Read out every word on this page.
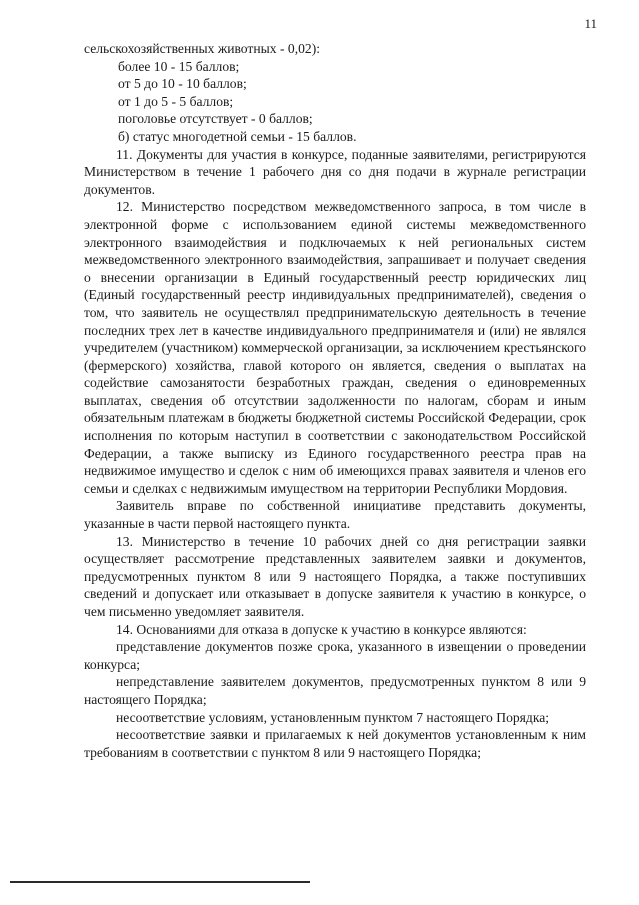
11

сельскохозяйственных животных - 0,02):

более 10 - 15 баллов;

от 5 до 10 - 10 баллов;

от 1 до 5 - 5 баллов;

поголовье отсутствует - 0 баллов;

б) статус многодетной семьи - 15 баллов.

11. Документы для участия в конкурсе, поданные заявителями, регистрируются Министерством в течение 1 рабочего дня со дня подачи в журнале регистрации документов.

12. Министерство посредством межведомственного запроса, в том числе в электронной форме с использованием единой системы межведомственного электронного взаимодействия и подключаемых к ней региональных систем межведомственного электронного взаимодействия, запрашивает и получает сведения о внесении организации в Единый государственный реестр юридических лиц (Единый государственный реестр индивидуальных предпринимателей), сведения о том, что заявитель не осуществлял предпринимательскую деятельность в течение последних трех лет в качестве индивидуального предпринимателя и (или) не являлся учредителем (участником) коммерческой организации, за исключением крестьянского (фермерского) хозяйства, главой которого он является, сведения о выплатах на содействие самозанятости безработных граждан, сведения о единовременных выплатах, сведения об отсутствии задолженности по налогам, сборам и иным обязательным платежам в бюджеты бюджетной системы Российской Федерации, срок исполнения по которым наступил в соответствии с законодательством Российской Федерации, а также выписку из Единого государственного реестра прав на недвижимое имущество и сделок с ним об имеющихся правах заявителя и членов его семьи и сделках с недвижимым имуществом на территории Республики Мордовия.

Заявитель вправе по собственной инициативе представить документы, указанные в части первой настоящего пункта.

13. Министерство в течение 10 рабочих дней со дня регистрации заявки осуществляет рассмотрение представленных заявителем заявки и документов, предусмотренных пунктом 8 или 9 настоящего Порядка, а также поступивших сведений и допускает или отказывает в допуске заявителя к участию в конкурсе, о чем письменно уведомляет заявителя.

14. Основаниями для отказа в допуске к участию в конкурсе являются:

представление документов позже срока, указанного в извещении о проведении конкурса;

непредставление заявителем документов, предусмотренных пунктом 8 или 9 настоящего Порядка;

несоответствие условиям, установленным пунктом 7 настоящего Порядка;

несоответствие заявки и прилагаемых к ней документов установленным к ним требованиям в соответствии с пунктом 8 или 9 настоящего Порядка;
